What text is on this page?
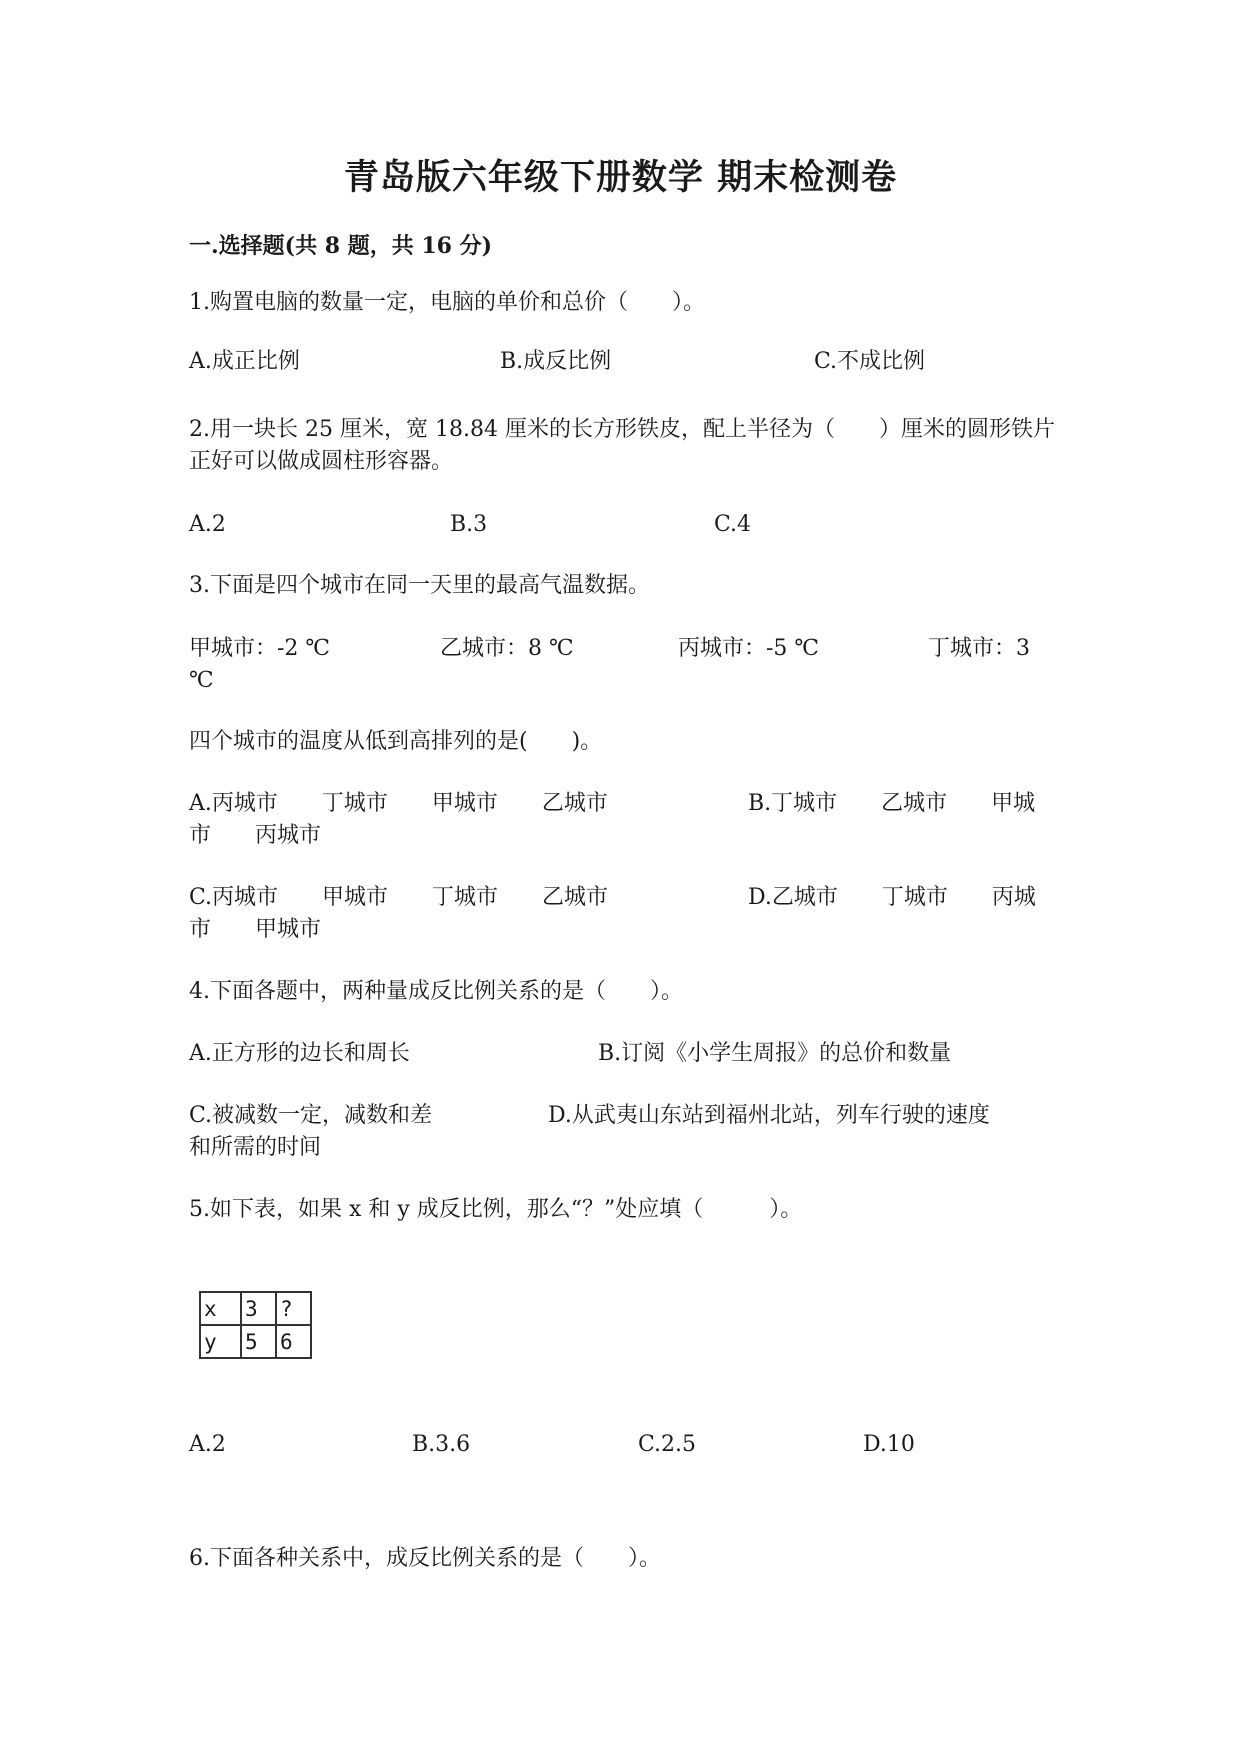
青岛版六年级下册数学 期末检测卷
一.选择题(共 8 题，共 16 分)
1.购置电脑的数量一定，电脑的单价和总价（　　）。
A.成正比例	B.成反比例	C.不成比例
2.用一块长 25 厘米，宽 18.84 厘米的长方形铁皮，配上半径为（　　）厘米的圆形铁片正好可以做成圆柱形容器。
A.2	B.3	C.4
3.下面是四个城市在同一天里的最高气温数据。
甲城市：-2 ℃	乙城市：8 ℃	丙城市：-5 ℃	丁城市：3
℃
四个城市的温度从低到高排列的是(　　)。
A.丙城市　　丁城市　　甲城市　　乙城市	B.丁城市　　乙城市　　甲城
市　　丙城市
C.丙城市　　甲城市　　丁城市　　乙城市	D.乙城市　　丁城市　　丙城
市　　甲城市
4.下面各题中，两种量成反比例关系的是（　　）。
A.正方形的边长和周长	B.订阅《小学生周报》的总价和数量
C.被减数一定，减数和差	D.从武夷山东站到福州北站，列车行驶的速度
和所需的时间
5.如下表，如果 x 和 y 成反比例，那么“？”处应填（　　　）。
x	3	?
y	5	6
A.2	B.3.6	C.2.5	D.10
6.下面各种关系中，成反比例关系的是（　　）。
